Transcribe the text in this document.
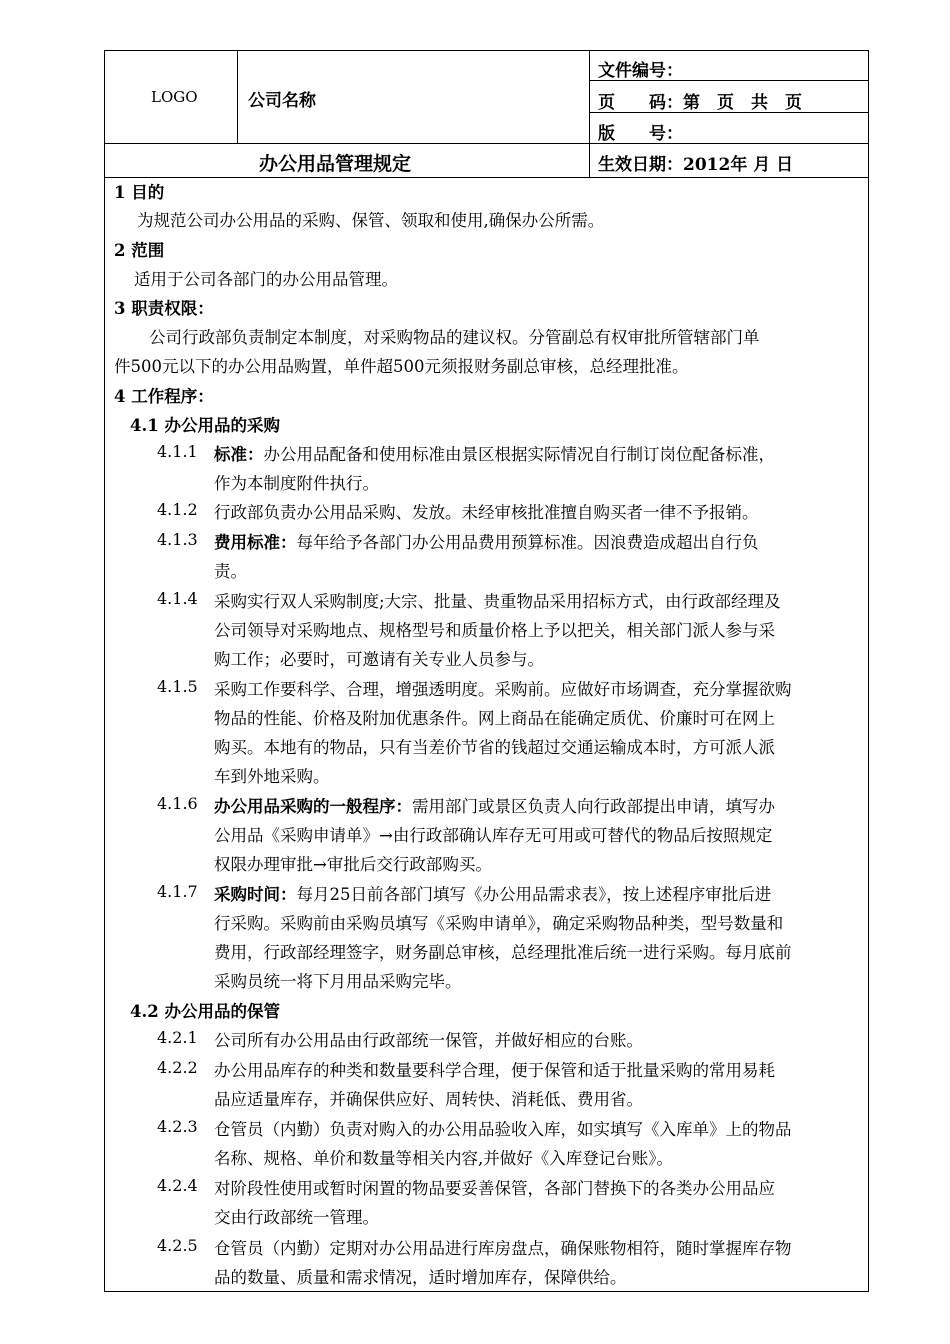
LOGO	公司名称
文件编号：
页　　码：第　页　共　页
版　　号：
办公用品管理规定	生效日期：2012年 月 日
1 目的
为规范公司办公用品的采购、保管、领取和使用,确保办公所需。
2 范围
适用于公司各部门的办公用品管理。
3 职责权限：
公司行政部负责制定本制度，对采购物品的建议权。分管副总有权审批所管辖部门单
件500元以下的办公用品购置，单件超500元须报财务副总审核，总经理批准。
4 工作程序：
4.1 办公用品的采购
4.1.1 标准：办公用品配备和使用标准由景区根据实际情况自行制订岗位配备标准，
作为本制度附件执行。
4.1.2 行政部负责办公用品采购、发放。未经审核批准擅自购买者一律不予报销。
4.1.3 费用标准：每年给予各部门办公用品费用预算标准。因浪费造成超出自行负
责。
4.1.4 采购实行双人采购制度;大宗、批量、贵重物品采用招标方式，由行政部经理及
公司领导对采购地点、规格型号和质量价格上予以把关，相关部门派人参与采
购工作；必要时，可邀请有关专业人员参与。
4.1.5 采购工作要科学、合理，增强透明度。采购前。应做好市场调查，充分掌握欲购
物品的性能、价格及附加优惠条件。网上商品在能确定质优、价廉时可在网上
购买。本地有的物品，只有当差价节省的钱超过交通运输成本时，方可派人派
车到外地采购。
4.1.6 办公用品采购的一般程序：需用部门或景区负责人向行政部提出申请，填写办
公用品《采购申请单》→由行政部确认库存无可用或可替代的物品后按照规定
权限办理审批→审批后交行政部购买。
4.1.7 采购时间：每月25日前各部门填写《办公用品需求表》，按上述程序审批后进
行采购。采购前由采购员填写《采购申请单》，确定采购物品种类，型号数量和
费用，行政部经理签字，财务副总审核，总经理批准后统一进行采购。每月底前
采购员统一将下月用品采购完毕。
4.2 办公用品的保管
4.2.1 公司所有办公用品由行政部统一保管，并做好相应的台账。
4.2.2 办公用品库存的种类和数量要科学合理，便于保管和适于批量采购的常用易耗
品应适量库存，并确保供应好、周转快、消耗低、费用省。
4.2.3 仓管员（内勤）负责对购入的办公用品验收入库，如实填写《入库单》上的物品
名称、规格、单价和数量等相关内容,并做好《入库登记台账》。
4.2.4 对阶段性使用或暂时闲置的物品要妥善保管，各部门替换下的各类办公用品应
交由行政部统一管理。
4.2.5 仓管员（内勤）定期对办公用品进行库房盘点，确保账物相符，随时掌握库存物
品的数量、质量和需求情况，适时增加库存，保障供给。
